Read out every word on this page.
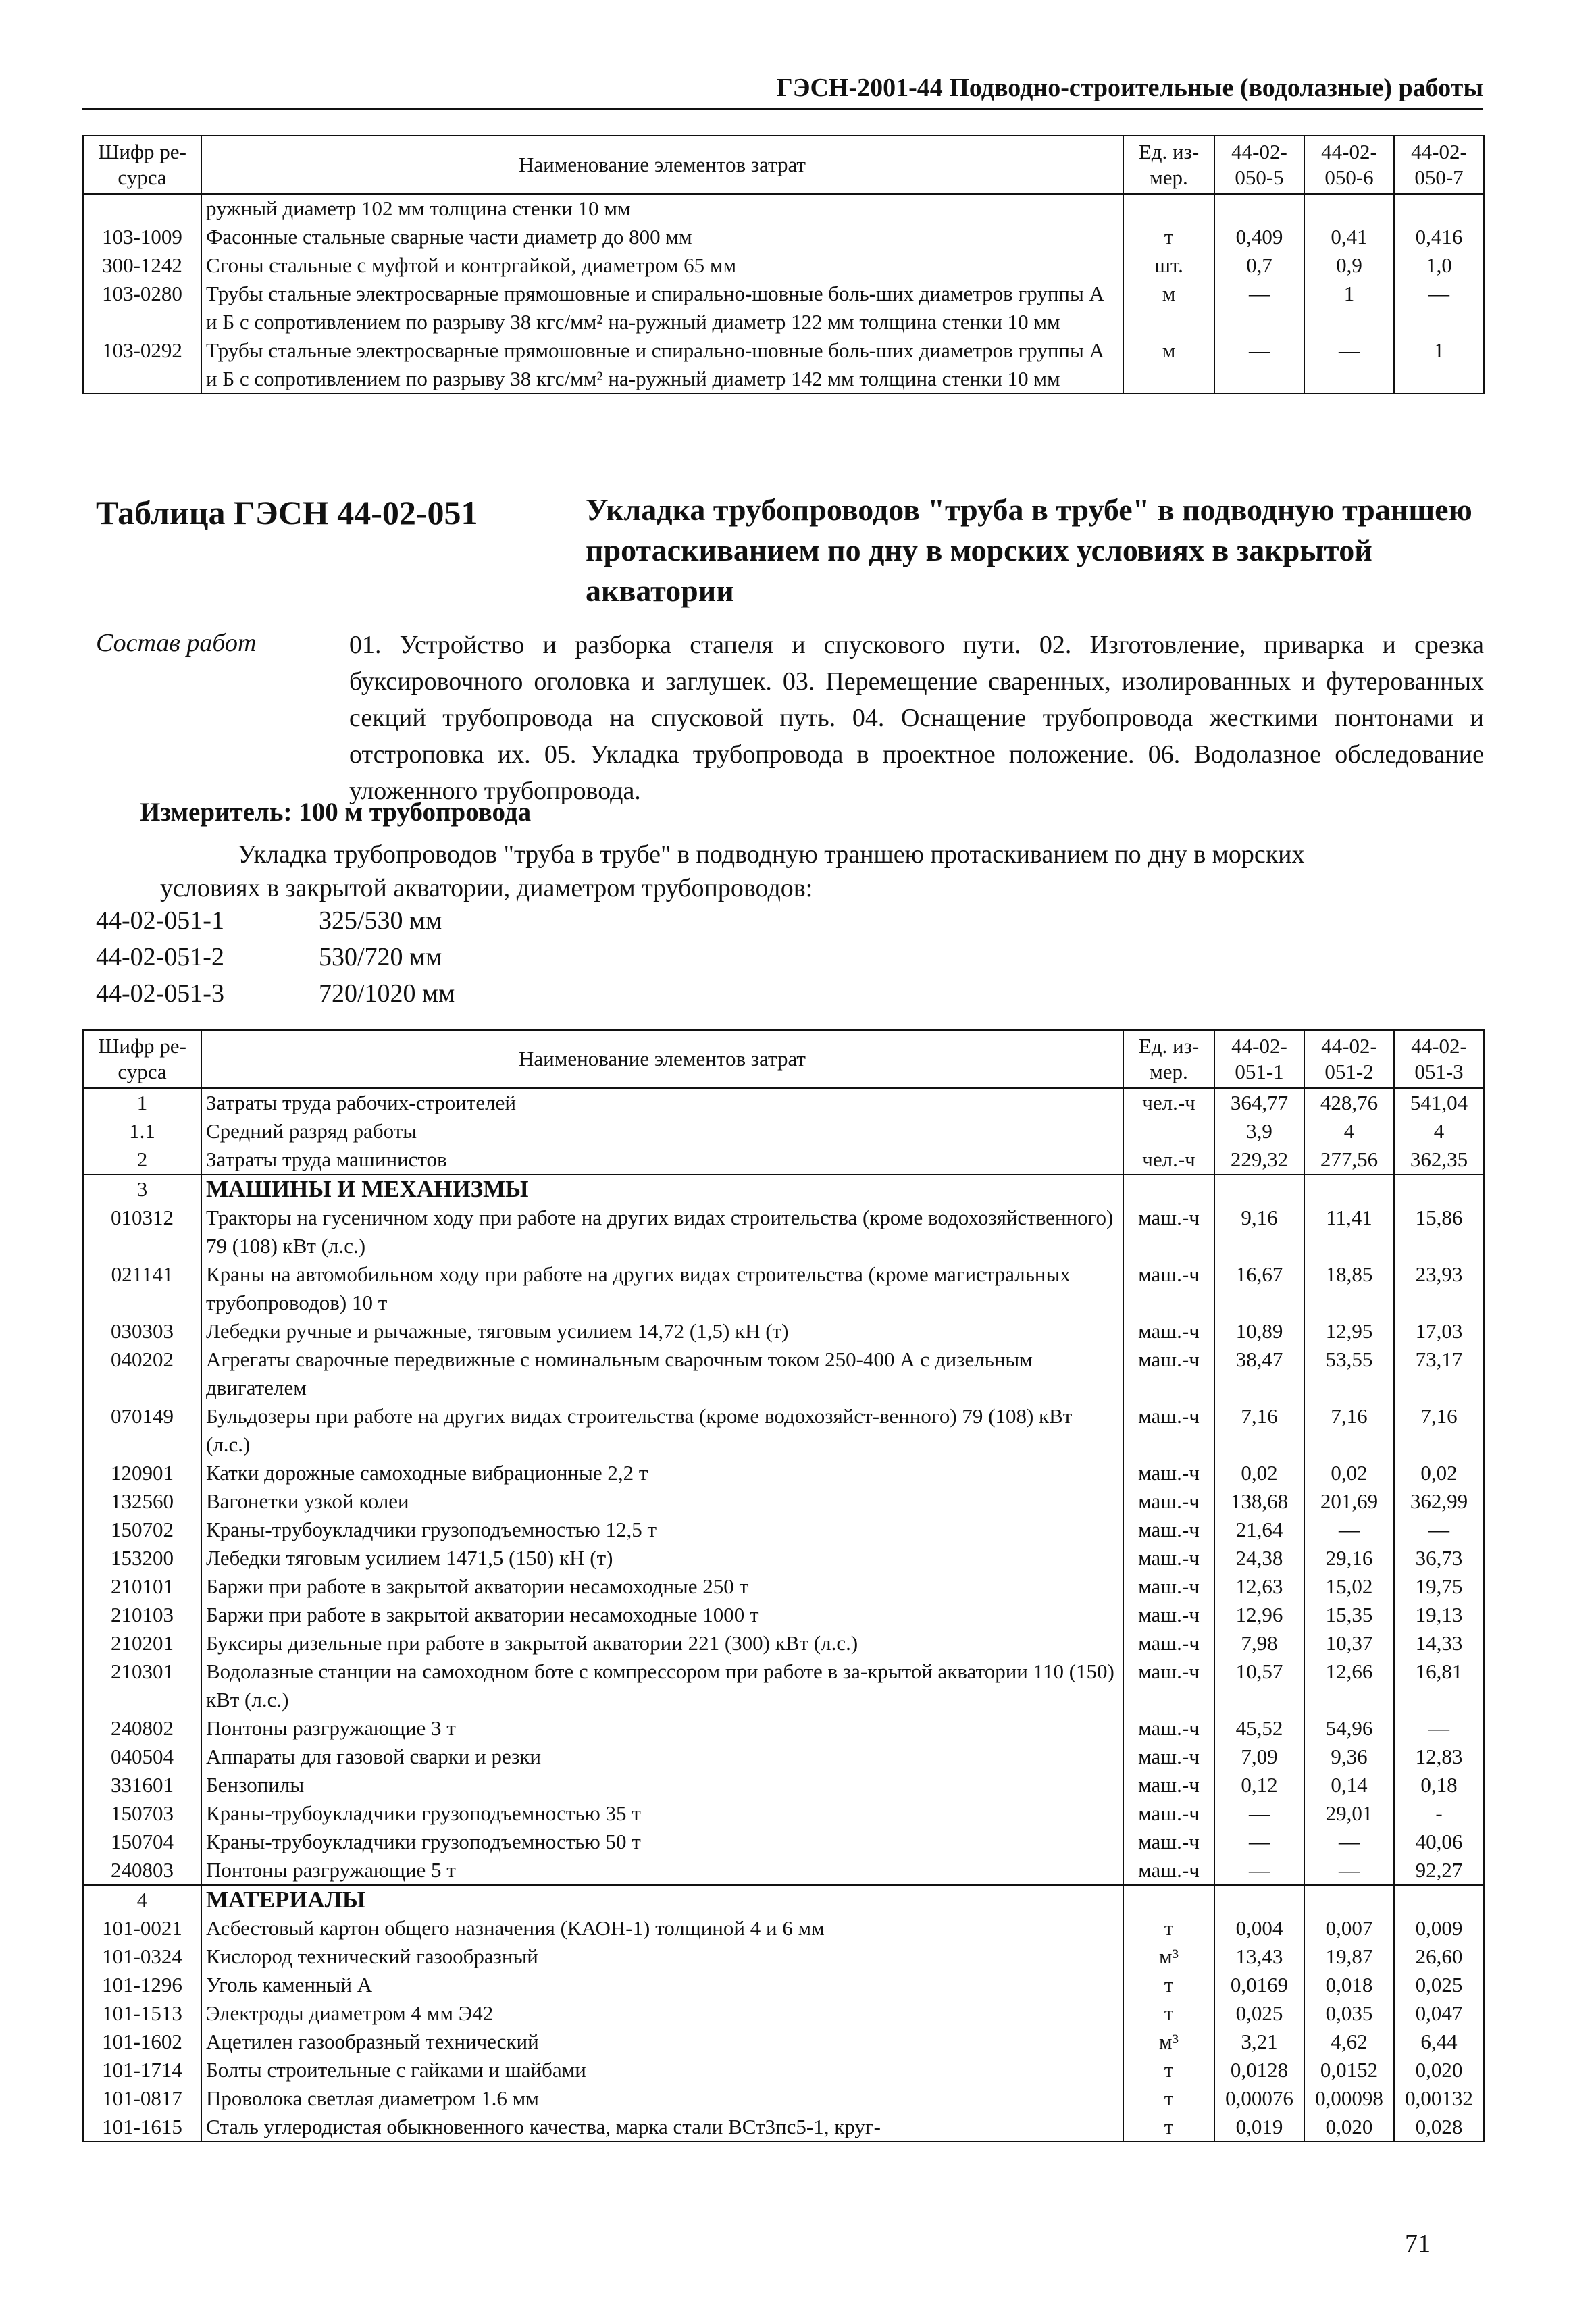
ГЭСН-2001-44 Подводно-строительные (водолазные) работы
Шифр ре-сурса	Наименование элементов затрат	Ед. из-мер.	44-02-050-5	44-02-050-6	44-02-050-7
	ружный диаметр 102 мм толщина стенки 10 мм				
103-1009	Фасонные стальные сварные части диаметр до 800 мм	т	0,409	0,41	0,416
300-1242	Сгоны стальные с муфтой и контргайкой, диаметром 65 мм	шт.	0,7	0,9	1,0
103-0280	Трубы стальные электросварные прямошовные и спирально-шовные боль-ших диаметров группы А и Б с сопротивлением по разрыву 38 кгс/мм² на-ружный диаметр 122 мм толщина стенки 10 мм	м	—	1	—
103-0292	Трубы стальные электросварные прямошовные и спирально-шовные боль-ших диаметров группы А и Б с сопротивлением по разрыву 38 кгс/мм² на-ружный диаметр 142 мм толщина стенки 10 мм	м	—	—	1
Таблица ГЭСН 44-02-051	Укладка трубопроводов "труба в трубе" в подводную траншею протаскиванием по дну в морских условиях в закрытой акватории
Состав работ	01. Устройство и разборка стапеля и спускового пути. 02. Изготовление, приварка и срезка буксировочного оголовка и заглушек. 03. Перемещение сваренных, изолированных и футерованных секций трубопровода на спусковой путь. 04. Оснащение трубопровода жесткими понтонами и отстроповка их. 05. Укладка трубопровода в проектное положение. 06. Водолазное обследование уложенного трубопровода.
Измеритель: 100 м трубопровода
Укладка трубопроводов "труба в трубе" в подводную траншею протаскиванием по дну в морских условиях в закрытой акватории, диаметром трубопроводов:
44-02-051-1	325/530 мм
44-02-051-2	530/720 мм
44-02-051-3	720/1020 мм
Шифр ре-сурса	Наименование элементов затрат	Ед. из-мер.	44-02-051-1	44-02-051-2	44-02-051-3
1	Затраты труда рабочих-строителей	чел.-ч	364,77	428,76	541,04
1.1	Средний разряд работы		3,9	4	4
2	Затраты труда машинистов	чел.-ч	229,32	277,56	362,35
3	МАШИНЫ И МЕХАНИЗМЫ				
010312	Тракторы на гусеничном ходу при работе на других видах строительства (кроме водохозяйственного) 79 (108) кВт (л.с.)	маш.-ч	9,16	11,41	15,86
021141	Краны на автомобильном ходу при работе на других видах строительства (кроме магистральных трубопроводов) 10 т	маш.-ч	16,67	18,85	23,93
030303	Лебедки ручные и рычажные, тяговым усилием 14,72 (1,5) кН (т)	маш.-ч	10,89	12,95	17,03
040202	Агрегаты сварочные передвижные с номинальным сварочным током 250-400 А с дизельным двигателем	маш.-ч	38,47	53,55	73,17
070149	Бульдозеры при работе на других видах строительства (кроме водохозяйст-венного) 79 (108) кВт (л.с.)	маш.-ч	7,16	7,16	7,16
120901	Катки дорожные самоходные вибрационные 2,2 т	маш.-ч	0,02	0,02	0,02
132560	Вагонетки узкой колеи	маш.-ч	138,68	201,69	362,99
150702	Краны-трубоукладчики грузоподъемностью 12,5 т	маш.-ч	21,64	—	—
153200	Лебедки тяговым усилием 1471,5 (150) кН (т)	маш.-ч	24,38	29,16	36,73
210101	Баржи при работе в закрытой акватории несамоходные 250 т	маш.-ч	12,63	15,02	19,75
210103	Баржи при работе в закрытой акватории несамоходные 1000 т	маш.-ч	12,96	15,35	19,13
210201	Буксиры дизельные при работе в закрытой акватории 221 (300) кВт (л.с.)	маш.-ч	7,98	10,37	14,33
210301	Водолазные станции на самоходном боте с компрессором при работе в за-крытой акватории 110 (150) кВт (л.с.)	маш.-ч	10,57	12,66	16,81
240802	Понтоны разгружающие 3 т	маш.-ч	45,52	54,96	—
040504	Аппараты для газовой сварки и резки	маш.-ч	7,09	9,36	12,83
331601	Бензопилы	маш.-ч	0,12	0,14	0,18
150703	Краны-трубоукладчики грузоподъемностью 35 т	маш.-ч	—	29,01	-
150704	Краны-трубоукладчики грузоподъемностью 50 т	маш.-ч	—	—	40,06
240803	Понтоны разгружающие 5 т	маш.-ч	—	—	92,27
4	МАТЕРИАЛЫ				
101-0021	Асбестовый картон общего назначения (КАОН-1) толщиной 4 и 6 мм	т	0,004	0,007	0,009
101-0324	Кислород технический газообразный	м³	13,43	19,87	26,60
101-1296	Уголь каменный А	т	0,0169	0,018	0,025
101-1513	Электроды диаметром 4 мм Э42	т	0,025	0,035	0,047
101-1602	Ацетилен газообразный технический	м³	3,21	4,62	6,44
101-1714	Болты строительные с гайками и шайбами	т	0,0128	0,0152	0,020
101-0817	Проволока светлая диаметром 1.6 мм	т	0,00076	0,00098	0,00132
101-1615	Сталь углеродистая обыкновенного качества, марка стали ВСт3пс5-1, круг-	т	0,019	0,020	0,028
71
